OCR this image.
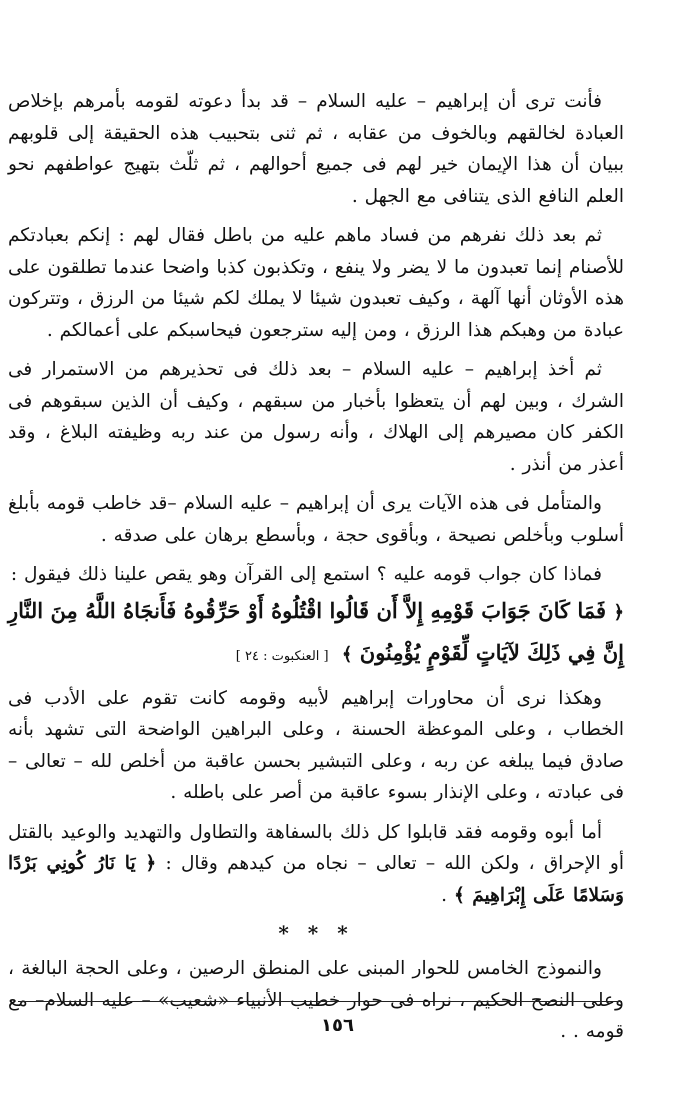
فأنت ترى أن إبراهيم – عليه السلام – قد بدأ دعوته لقومه بأمرهم بإخلاص العبادة لخالقهم وبالخوف من عقابه ، ثم ثنى بتحبيب هذه الحقيقة إلى قلوبهم ببيان أن هذا الإيمان خير لهم فى جميع أحوالهم ، ثم ثلّث بتهيج عواطفهم نحو العلم النافع الذى يتنافى مع الجهل .

ثم بعد ذلك نفرهم من فساد ماهم عليه من باطل فقال لهم : إنكم بعبادتكم للأصنام إنما تعبدون ما لا يضر ولا ينفع ، وتكذبون كذبا واضحا عندما تطلقون على هذه الأوثان أنها آلهة ، وكيف تعبدون شيئا لا يملك لكم شيئا من الرزق ، وتتركون عبادة من وهبكم هذا الرزق ، ومن إليه سترجعون فيحاسبكم على أعمالكم .

ثم أخذ إبراهيم – عليه السلام – بعد ذلك فى تحذيرهم من الاستمرار فى الشرك ، وبين لهم أن يتعظوا بأخبار من سبقهم ، وكيف أن الذين سبقوهم فى الكفر كان مصيرهم إلى الهلاك ، وأنه رسول من عند ربه وظيفته البلاغ ، وقد أعذر من أنذر .

والمتأمل فى هذه الآيات يرى أن إبراهيم – عليه السلام –قد خاطب قومه بأبلغ أسلوب وبأخلص نصيحة ، وبأقوى حجة ، وبأسطع برهان على صدقه .

فماذا كان جواب قومه عليه ؟ استمع إلى القرآن وهو يقص علينا ذلك فيقول :

﴿ فَمَا كَانَ جَوَابَ قَوْمِهِ إِلاَّ أَن قَالُوا اقْتُلُوهُ أَوْ حَرِّقُوهُ فَأَنجَاهُ اللَّهُ مِنَ النَّارِ إِنَّ فِي ذَلِكَ لآيَاتٍ لِّقَوْمٍ يُؤْمِنُونَ ﴾ [ العنكبوت : ٢٤ ]

وهكذا نرى أن محاورات إبراهيم لأبيه وقومه كانت تقوم على الأدب فى الخطاب ، وعلى الموعظة الحسنة ، وعلى البراهين الواضحة التى تشهد بأنه صادق فيما يبلغه عن ربه ، وعلى التبشير بحسن عاقبة من أخلص لله – تعالى – فى عبادته ، وعلى الإنذار بسوء عاقبة من أصر على باطله .

أما أبوه وقومه فقد قابلوا كل ذلك بالسفاهة والتطاول والتهديد والوعيد بالقتل أو الإحراق ، ولكن الله – تعالى – نجاه من كيدهم وقال : ﴿ يَا نَارُ كُونِي بَرْدًا وَسَلامًا عَلَى إِبْرَاهِيمَ ﴾ .

* * *

والنموذج الخامس للحوار المبنى على المنطق الرصين ، وعلى الحجة البالغة ، وعلى النصح الحكيم ، نراه فى حوار خطيب الأنبياء «شعيب» – عليه السلام– مع قومه . .

١٥٦
